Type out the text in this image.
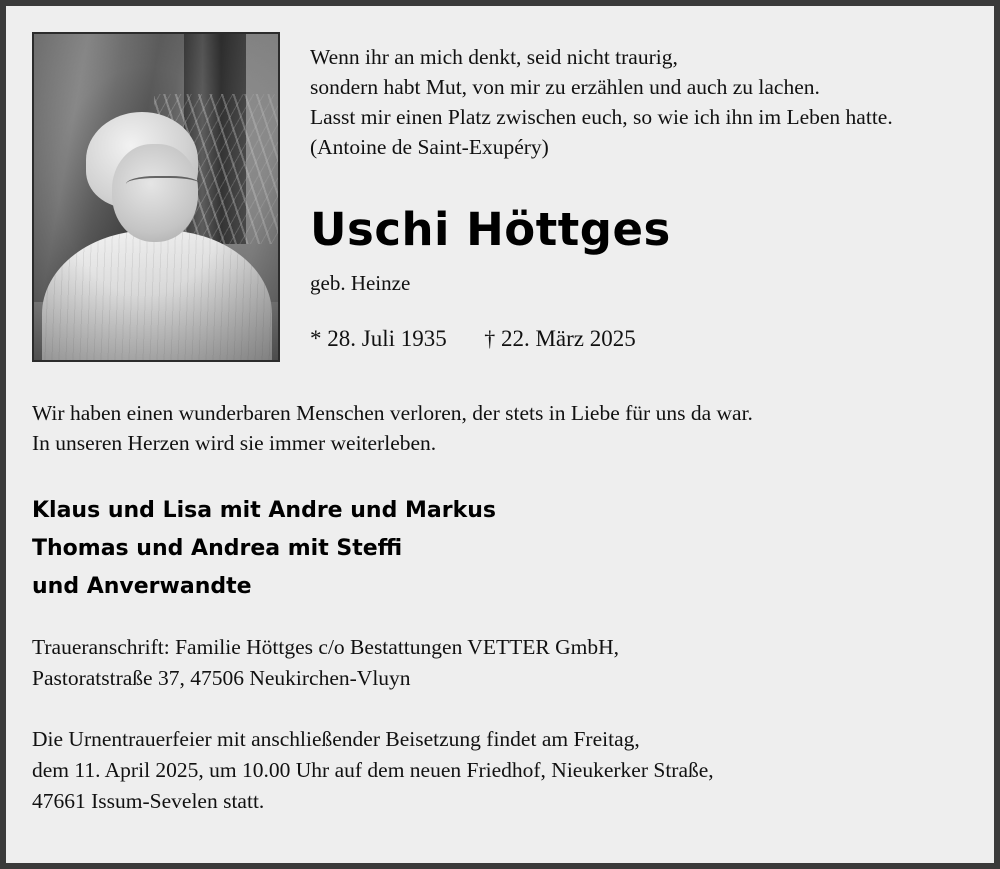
Wenn ihr an mich denkt, seid nicht traurig,
sondern habt Mut, von mir zu erzählen und auch zu lachen.
Lasst mir einen Platz zwischen euch, so wie ich ihn im Leben hatte.
(Antoine de Saint-Exupéry)
Uschi Höttges
geb. Heinze
* 28. Juli 1935 † 22. März 2025

Wir haben einen wunderbaren Menschen verloren, der stets in Liebe für uns da war.

In unseren Herzen wird sie immer weiterleben.

Klaus und Lisa mit Andre und Markus
Thomas und Andrea mit Steffi
und Anverwandte
Traueranschrift: Familie Höttges c/o Bestattungen VETTER GmbH,
Pastoratstraße 37, 47506 Neukirchen-Vluyn
Die Urnentrauerfeier mit anschließender Beisetzung findet am Freitag,
dem 11. April 2025, um 10.00 Uhr auf dem neuen Friedhof, Nieukerker Straße,
47661 Issum-Sevelen statt.
